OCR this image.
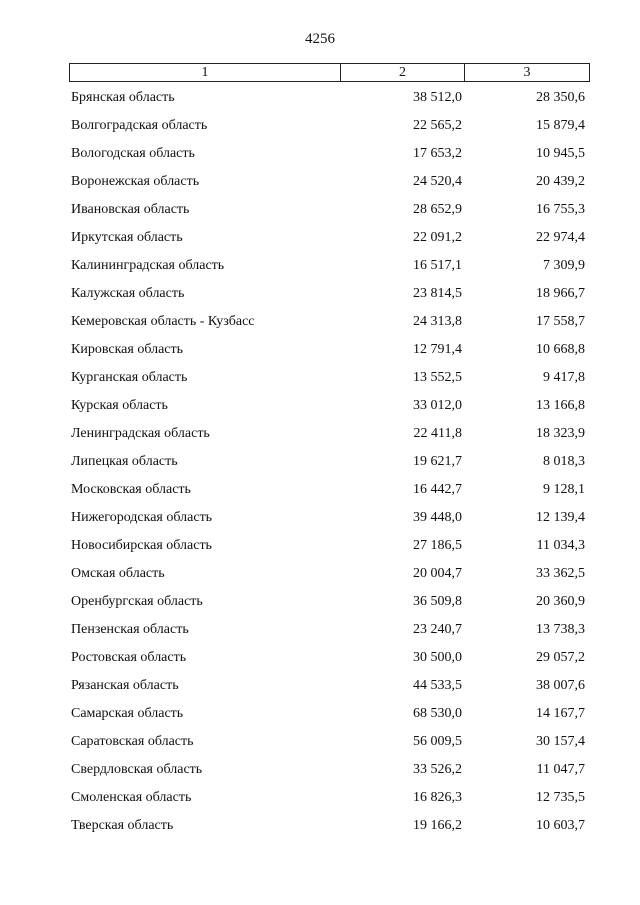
4256
1	2	3
Брянская область	38 512,0	28 350,6
Волгоградская область	22 565,2	15 879,4
Вологодская область	17 653,2	10 945,5
Воронежская область	24 520,4	20 439,2
Ивановская область	28 652,9	16 755,3
Иркутская область	22 091,2	22 974,4
Калининградская область	16 517,1	7 309,9
Калужская область	23 814,5	18 966,7
Кемеровская область - Кузбасс	24 313,8	17 558,7
Кировская область	12 791,4	10 668,8
Курганская область	13 552,5	9 417,8
Курская область	33 012,0	13 166,8
Ленинградская область	22 411,8	18 323,9
Липецкая область	19 621,7	8 018,3
Московская область	16 442,7	9 128,1
Нижегородская область	39 448,0	12 139,4
Новосибирская область	27 186,5	11 034,3
Омская область	20 004,7	33 362,5
Оренбургская область	36 509,8	20 360,9
Пензенская область	23 240,7	13 738,3
Ростовская область	30 500,0	29 057,2
Рязанская область	44 533,5	38 007,6
Самарская область	68 530,0	14 167,7
Саратовская область	56 009,5	30 157,4
Свердловская область	33 526,2	11 047,7
Смоленская область	16 826,3	12 735,5
Тверская область	19 166,2	10 603,7
